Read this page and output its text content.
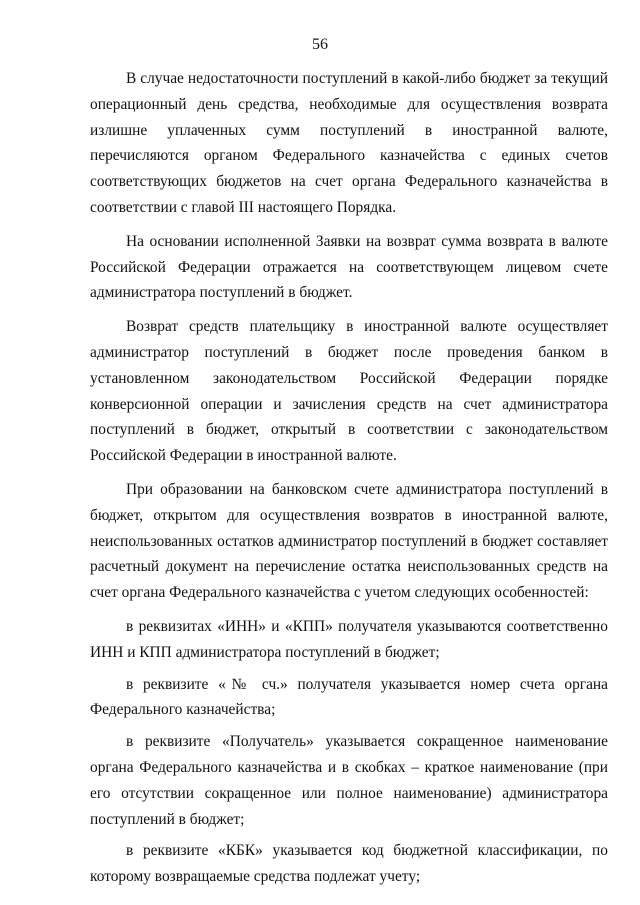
56

В случае недостаточности поступлений в какой-либо бюджет за текущий операционный день средства, необходимые для осуществления возврата излишне уплаченных сумм поступлений в иностранной валюте, перечисляются органом Федерального казначейства с единых счетов соответствующих бюджетов на счет органа Федерального казначейства в соответствии с главой III настоящего Порядка.

На основании исполненной Заявки на возврат сумма возврата в валюте Российской Федерации отражается на соответствующем лицевом счете администратора поступлений в бюджет.

Возврат средств плательщику в иностранной валюте осуществляет администратор поступлений в бюджет после проведения банком в установленном законодательством Российской Федерации порядке конверсионной операции и зачисления средств на счет администратора поступлений в бюджет, открытый в соответствии с законодательством Российской Федерации в иностранной валюте.

При образовании на банковском счете администратора поступлений в бюджет, открытом для осуществления возвратов в иностранной валюте, неиспользованных остатков администратор поступлений в бюджет составляет расчетный документ на перечисление остатка неиспользованных средств на счет органа Федерального казначейства с учетом следующих особенностей:

в реквизитах «ИНН» и «КПП» получателя указываются соответственно ИНН и КПП администратора поступлений в бюджет;

в реквизите «№ сч.» получателя указывается номер счета органа Федерального казначейства;

в реквизите «Получатель» указывается сокращенное наименование органа Федерального казначейства и в скобках – краткое наименование (при его отсутствии сокращенное или полное наименование) администратора поступлений в бюджет;

в реквизите «КБК» указывается код бюджетной классификации, по которому возвращаемые средства подлежат учету;
